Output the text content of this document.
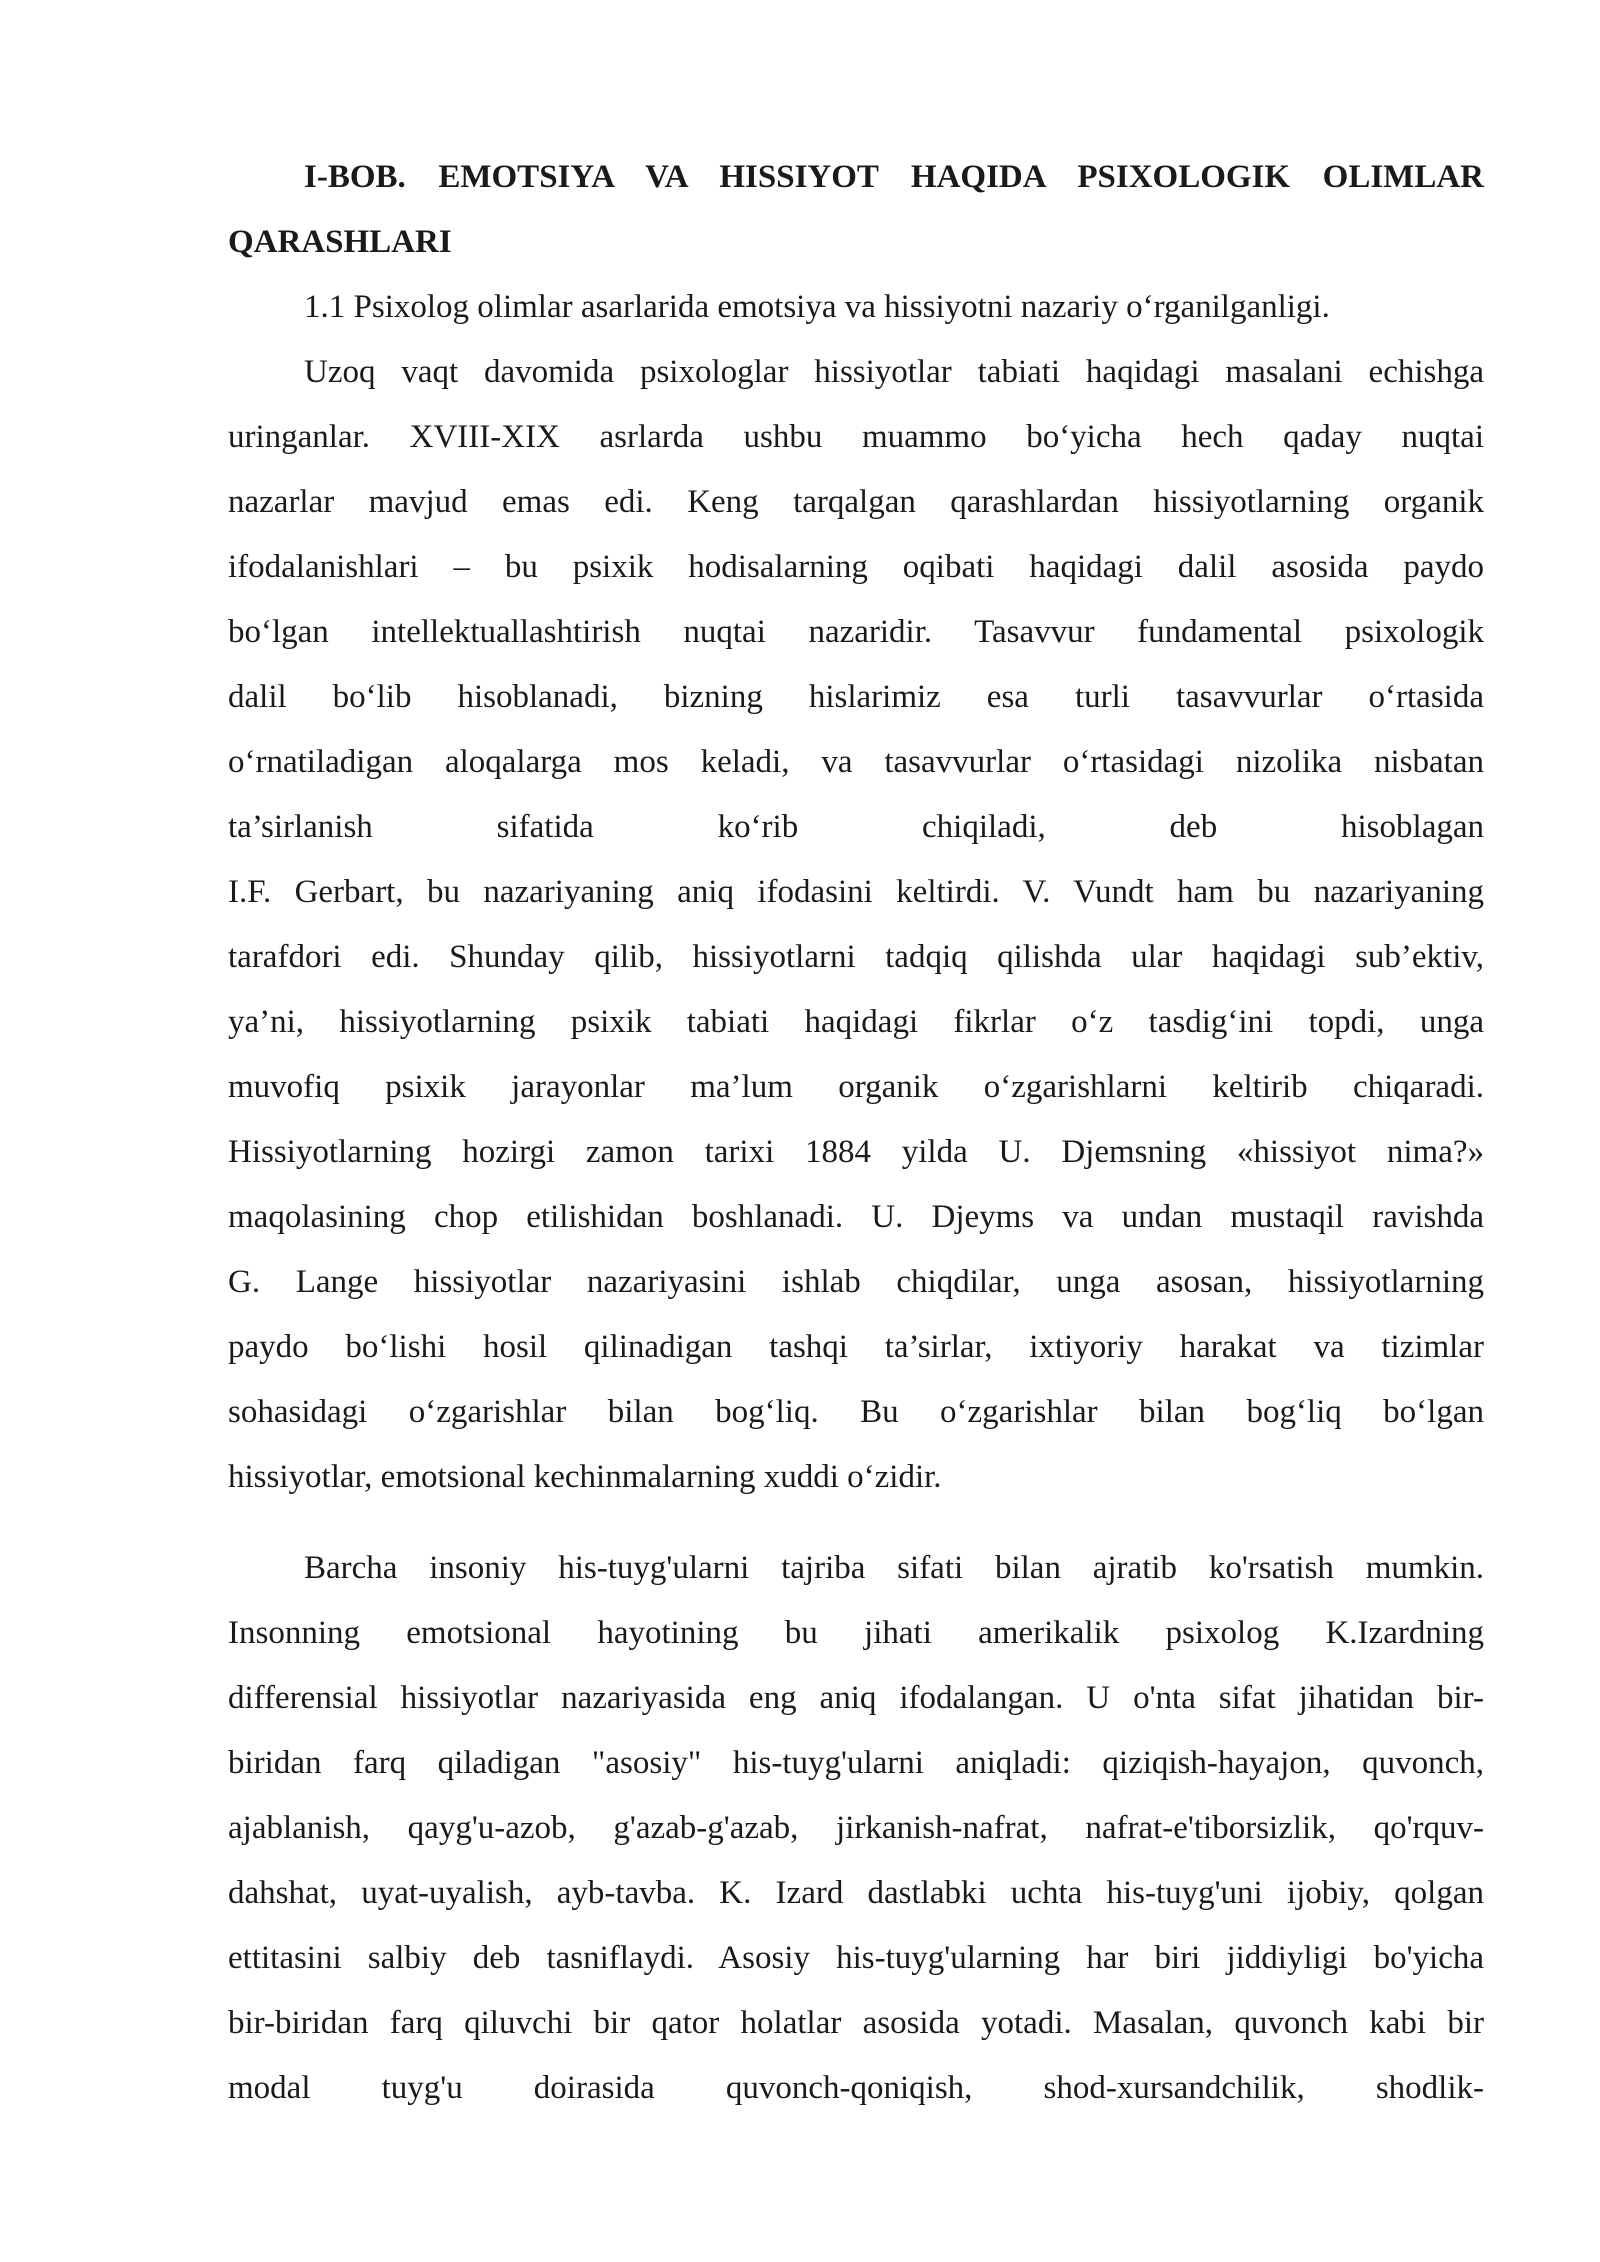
I-BOB. EMOTSIYA VA HISSIYOT HAQIDA PSIXOLOGIK OLIMLAR
QARASHLARI
1.1 Psixolog olimlar asarlarida emotsiya va hissiyotni nazariy o‘rganilganligi.
Uzoq vaqt davomida psixologlar hissiyotlar tabiati haqidagi masalani echishga
uringanlar. XVIII-XIX asrlarda ushbu muammo bo‘yicha hech qaday nuqtai
nazarlar mavjud emas edi. Keng tarqalgan qarashlardan hissiyotlarning organik
ifodalanishlari – bu psixik hodisalarning oqibati haqidagi dalil asosida paydo
bo‘lgan intellektuallashtirish nuqtai nazaridir. Tasavvur fundamental psixologik
dalil bo‘lib hisoblanadi, bizning hislarimiz esa turli tasavvurlar o‘rtasida
o‘rnatiladigan aloqalarga mos keladi, va tasavvurlar o‘rtasidagi nizolika nisbatan
ta’sirlanish sifatida ko‘rib chiqiladi, deb hisoblagan
I.F. Gerbart, bu nazariyaning aniq ifodasini keltirdi. V. Vundt ham bu nazariyaning
tarafdori edi. Shunday qilib, hissiyotlarni tadqiq qilishda ular haqidagi sub’ektiv,
ya’ni, hissiyotlarning psixik tabiati haqidagi fikrlar o‘z tasdig‘ini topdi, unga
muvofiq psixik jarayonlar ma’lum organik o‘zgarishlarni keltirib chiqaradi.
Hissiyotlarning hozirgi zamon tarixi 1884 yilda U. Djemsning «hissiyot nima?»
maqolasining chop etilishidan boshlanadi. U. Djeyms va undan mustaqil ravishda
G. Lange hissiyotlar nazariyasini ishlab chiqdilar, unga asosan, hissiyotlarning
paydo bo‘lishi hosil qilinadigan tashqi ta’sirlar, ixtiyoriy harakat va tizimlar
sohasidagi o‘zgarishlar bilan bog‘liq. Bu o‘zgarishlar bilan bog‘liq bo‘lgan
hissiyotlar, emotsional kechinmalarning xuddi o‘zidir.
Barcha insoniy his-tuyg'ularni tajriba sifati bilan ajratib ko'rsatish mumkin.
Insonning emotsional hayotining bu jihati amerikalik psixolog K.Izardning
differensial hissiyotlar nazariyasida eng aniq ifodalangan. U o'nta sifat jihatidan bir-
biridan farq qiladigan "asosiy" his-tuyg'ularni aniqladi: qiziqish-hayajon, quvonch,
ajablanish, qayg'u-azob, g'azab-g'azab, jirkanish-nafrat, nafrat-e'tiborsizlik, qo'rquv-
dahshat, uyat-uyalish, ayb-tavba. K. Izard dastlabki uchta his-tuyg'uni ijobiy, qolgan
ettitasini salbiy deb tasniflaydi. Asosiy his-tuyg'ularning har biri jiddiyligi bo'yicha
bir-biridan farq qiluvchi bir qator holatlar asosida yotadi. Masalan, quvonch kabi bir
modal tuyg'u doirasida quvonch-qoniqish, shod-xursandchilik, shodlik-
